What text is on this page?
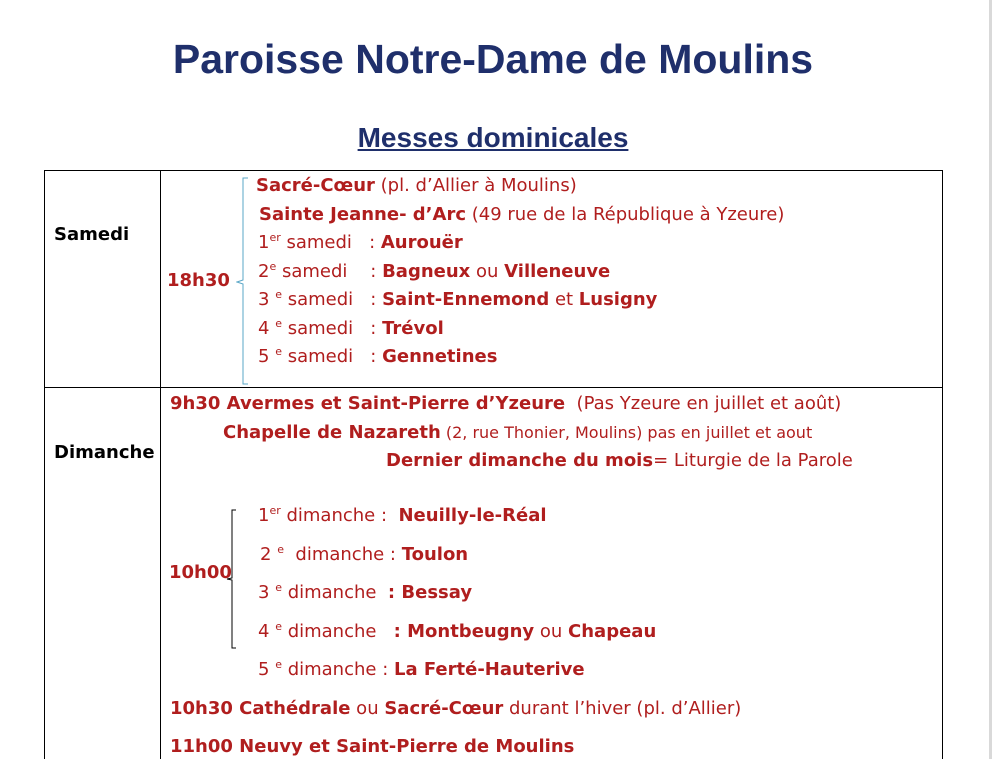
Paroisse Notre-Dame de Moulins
Messes dominicales
Samedi
18h30
Sacré-Cœur (pl. d’Allier à Moulins)
Sainte Jeanne- d’Arc (49 rue de la République à Yzeure)
1er samedi   : Aurouër
2e samedi    : Bagneux ou Villeneuve
3 $^e$ samedi   : Saint-Ennemond et Lusigny
4 $^e$ samedi   : Trévol
5 $^e$ samedi   : Gennetines
Dimanche
9h30 Avermes et Saint-Pierre d’Yzeure  (Pas Yzeure en juillet et août)
Chapelle de Nazareth (2, rue Thonier, Moulins) pas en juillet et aout
Dernier dimanche du mois= Liturgie de la Parole
10h00
1er dimanche :  Neuilly-le-Réal
2 $^e$  dimanche : Toulon
3 $^e$ dimanche  : Bessay
4 $^e$ dimanche   : Montbeugny ou Chapeau
5 $^e$ dimanche : La Ferté-Hauterive
10h30 Cathédrale ou Sacré-Cœur durant l’hiver (pl. d’Allier)
11h00 Neuvy et Saint-Pierre de Moulins
